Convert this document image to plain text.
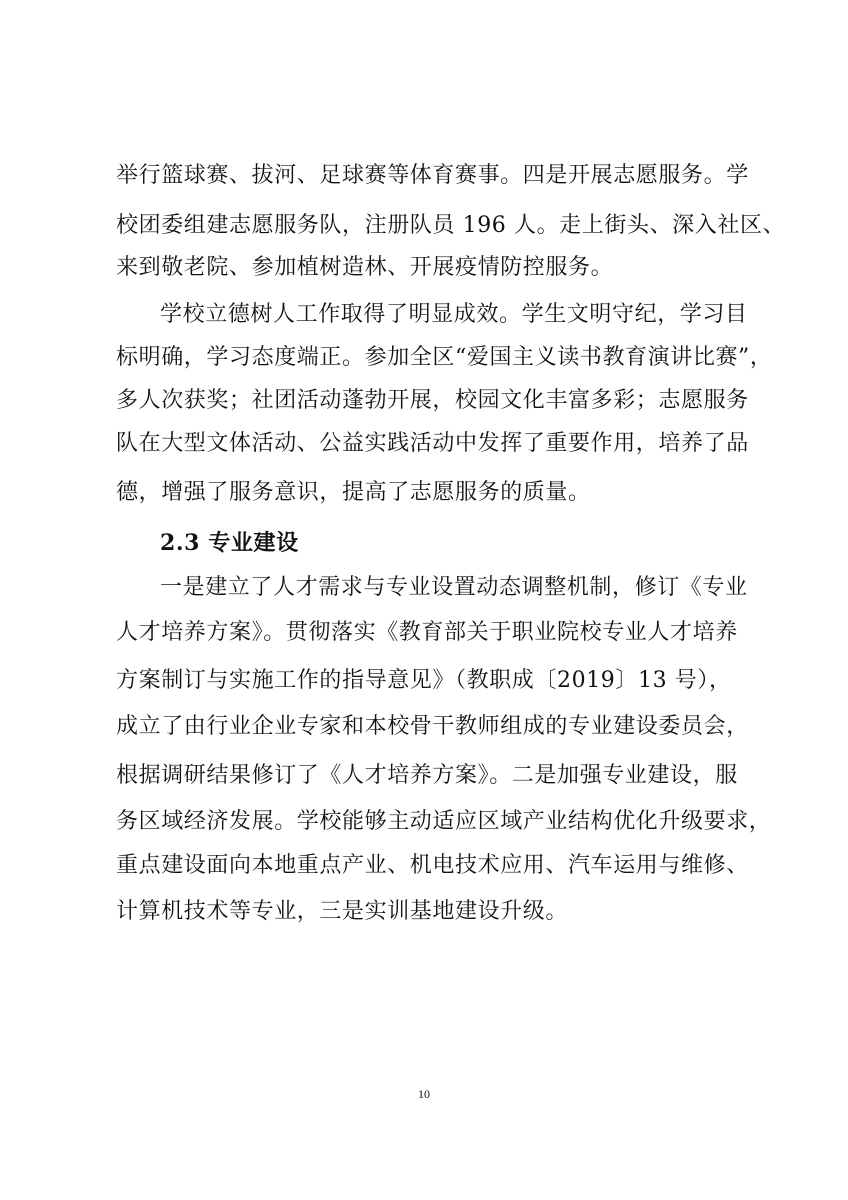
举行篮球赛、拔河、足球赛等体育赛事。四是开展志愿服务。学
校团委组建志愿服务队，注册队员 196 人。走上街头、深入社区、
来到敬老院、参加植树造林、开展疫情防控服务。
学校立德树人工作取得了明显成效。学生文明守纪，学习目
标明确，学习态度端正。参加全区“爱国主义读书教育演讲比赛”，
多人次获奖；社团活动蓬勃开展，校园文化丰富多彩；志愿服务
队在大型文体活动、公益实践活动中发挥了重要作用，培养了品
德，增强了服务意识，提高了志愿服务的质量。
2.3 专业建设
一是建立了人才需求与专业设置动态调整机制，修订《专业
人才培养方案》。贯彻落实《教育部关于职业院校专业人才培养
方案制订与实施工作的指导意见》（教职成〔2019〕13 号），
成立了由行业企业专家和本校骨干教师组成的专业建设委员会，
根据调研结果修订了《人才培养方案》。二是加强专业建设，服
务区域经济发展。学校能够主动适应区域产业结构优化升级要求，
重点建设面向本地重点产业、机电技术应用、汽车运用与维修、
计算机技术等专业，三是实训基地建设升级。
10
